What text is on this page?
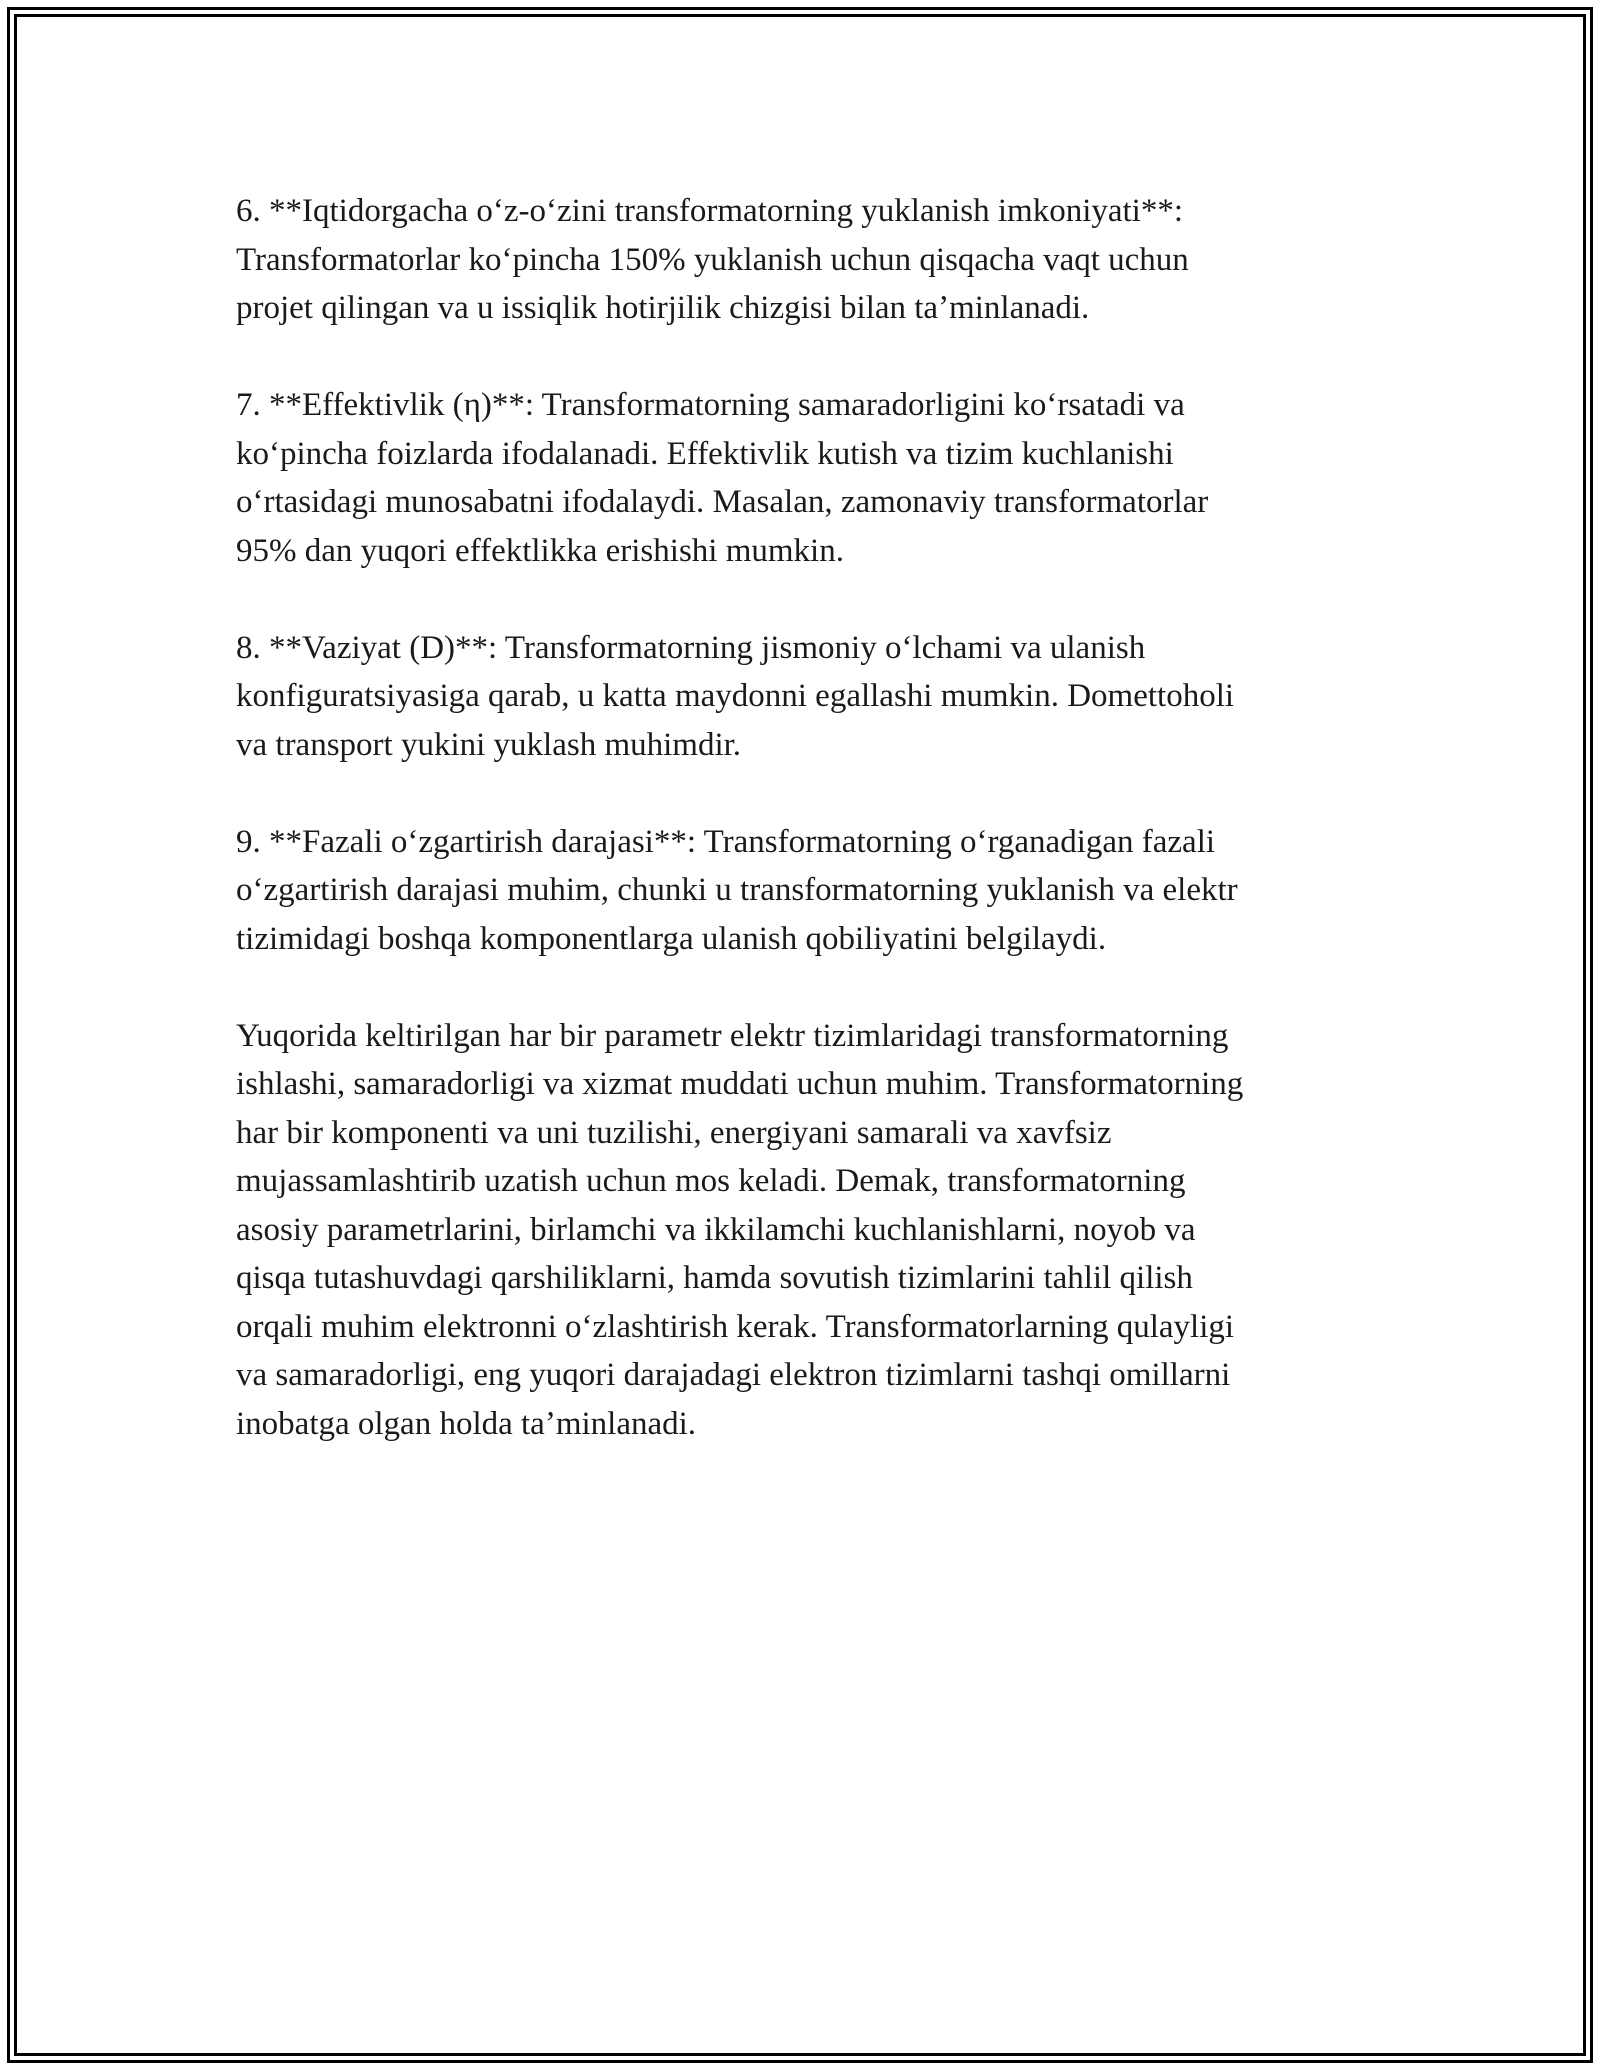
6. **Iqtidorgacha oʻz-oʻzini transformatorning yuklanish imkoniyati**:
Transformatorlar koʻpincha 150% yuklanish uchun qisqacha vaqt uchun
projet qilingan va u issiqlik hotirjilik chizgisi bilan taʼminlanadi.

7. **Effektivlik (η)**: Transformatorning samaradorligini koʻrsatadi va
koʻpincha foizlarda ifodalanadi. Effektivlik kutish va tizim kuchlanishi
oʻrtasidagi munosabatni ifodalaydi. Masalan, zamonaviy transformatorlar
95% dan yuqori effektlikka erishishi mumkin.

8. **Vaziyat (D)**: Transformatorning jismoniy oʻlchami va ulanish
konfiguratsiyasiga qarab, u katta maydonni egallashi mumkin. Domettoholi
va transport yukini yuklash muhimdir.

9. **Fazali oʻzgartirish darajasi**: Transformatorning oʻrganadigan fazali
oʻzgartirish darajasi muhim, chunki u transformatorning yuklanish va elektr
tizimidagi boshqa komponentlarga ulanish qobiliyatini belgilaydi.

Yuqorida keltirilgan har bir parametr elektr tizimlaridagi transformatorning
ishlashi, samaradorligi va xizmat muddati uchun muhim. Transformatorning
har bir komponenti va uni tuzilishi, energiyani samarali va xavfsiz
mujassamlashtirib uzatish uchun mos keladi. Demak, transformatorning
asosiy parametrlarini, birlamchi va ikkilamchi kuchlanishlarni, noyob va
qisqa tutashuvdagi qarshiliklarni, hamda sovutish tizimlarini tahlil qilish
orqali muhim elektronni oʻzlashtirish kerak. Transformatorlarning qulayligi
va samaradorligi, eng yuqori darajadagi elektron tizimlarni tashqi omillarni
inobatga olgan holda taʼminlanadi.
